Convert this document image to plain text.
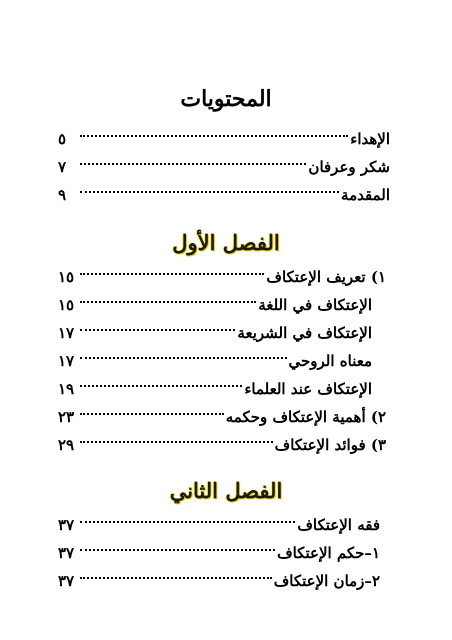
المحتويات
الإهداء
٥
شكر وعرفان
٧
المقدمة
٩
الفصل الأول
١) تعريف الإعتكاف
١٥
الإعتكاف في اللغة
١٥
الإعتكاف في الشريعة
١٧
معناه الروحي
١٧
الإعتكاف عند العلماء
١٩
٢) أهمية الإعتكاف وحكمه
٢٣
٣) فوائد الإعتكاف
٢٩
الفصل الثاني
فقه الإعتكاف
٣٧
١–حكم الإعتكاف
٣٧
٢–زمان الإعتكاف
٣٧
